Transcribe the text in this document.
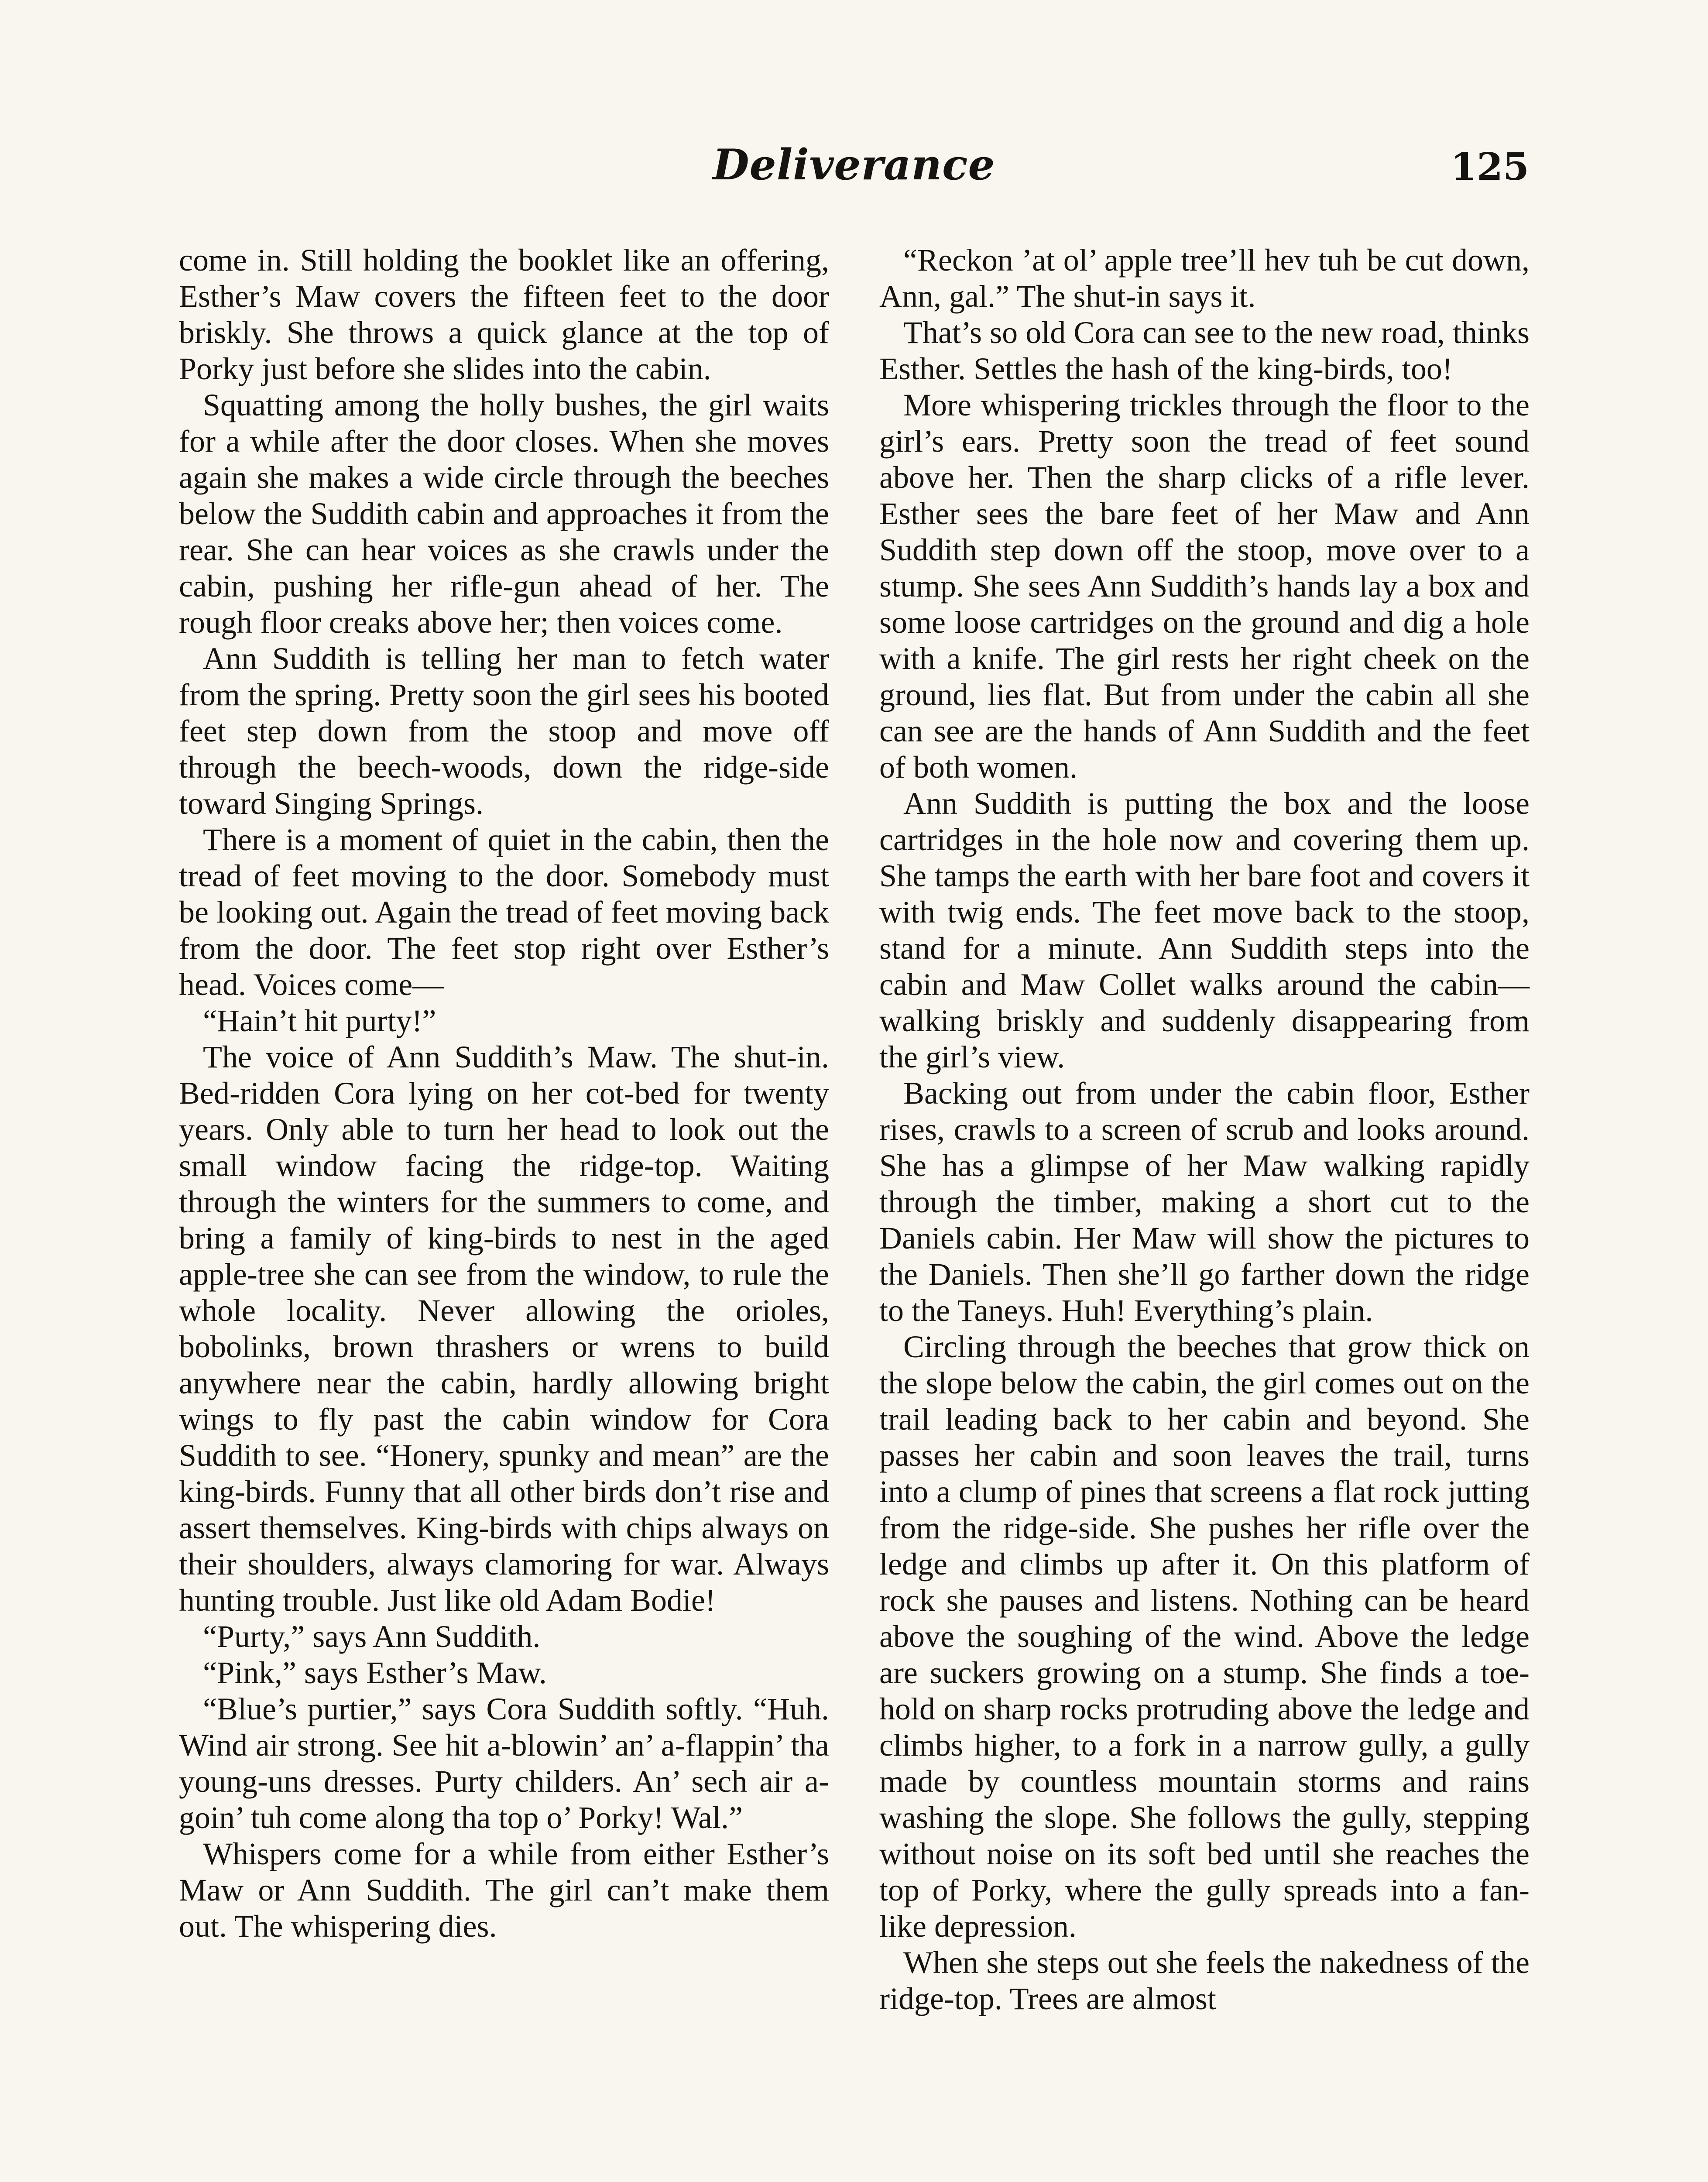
Deliverance	125

come in. Still holding the booklet like an offering, Esther’s Maw covers the fifteen feet to the door briskly. She throws a quick glance at the top of Porky just before she slides into the cabin.

Squatting among the holly bushes, the girl waits for a while after the door closes. When she moves again she makes a wide circle through the beeches below the Suddith cabin and approaches it from the rear. She can hear voices as she crawls under the cabin, pushing her rifle-gun ahead of her. The rough floor creaks above her; then voices come.

Ann Suddith is telling her man to fetch water from the spring. Pretty soon the girl sees his booted feet step down from the stoop and move off through the beech-woods, down the ridge-side toward Singing Springs.

There is a moment of quiet in the cabin, then the tread of feet moving to the door. Somebody must be looking out. Again the tread of feet moving back from the door. The feet stop right over Esther’s head. Voices come—

“Hain’t hit purty!”

The voice of Ann Suddith’s Maw. The shut-in. Bed-ridden Cora lying on her cot-bed for twenty years. Only able to turn her head to look out the small window facing the ridge-top. Waiting through the winters for the summers to come, and bring a family of king-birds to nest in the aged apple-tree she can see from the window, to rule the whole locality. Never allowing the orioles, bobolinks, brown thrashers or wrens to build anywhere near the cabin, hardly allowing bright wings to fly past the cabin window for Cora Suddith to see. “Honery, spunky and mean” are the king-birds. Funny that all other birds don’t rise and assert themselves. King-birds with chips always on their shoulders, always clamoring for war. Always hunting trouble. Just like old Adam Bodie!

“Purty,” says Ann Suddith.

“Pink,” says Esther’s Maw.

“Blue’s purtier,” says Cora Suddith softly. “Huh. Wind air strong. See hit a-blowin’ an’ a-flappin’ tha young-uns dresses. Purty childers. An’ sech air a-goin’ tuh come along tha top o’ Porky! Wal.”

Whispers come for a while from either Esther’s Maw or Ann Suddith. The girl can’t make them out. The whispering dies.

“Reckon ’at ol’ apple tree’ll hev tuh be cut down, Ann, gal.” The shut-in says it.

That’s so old Cora can see to the new road, thinks Esther. Settles the hash of the king-birds, too!

More whispering trickles through the floor to the girl’s ears. Pretty soon the tread of feet sound above her. Then the sharp clicks of a rifle lever. Esther sees the bare feet of her Maw and Ann Suddith step down off the stoop, move over to a stump. She sees Ann Suddith’s hands lay a box and some loose cartridges on the ground and dig a hole with a knife. The girl rests her right cheek on the ground, lies flat. But from under the cabin all she can see are the hands of Ann Suddith and the feet of both women.

Ann Suddith is putting the box and the loose cartridges in the hole now and covering them up. She tamps the earth with her bare foot and covers it with twig ends. The feet move back to the stoop, stand for a minute. Ann Suddith steps into the cabin and Maw Collet walks around the cabin—walking briskly and suddenly disappearing from the girl’s view.

Backing out from under the cabin floor, Esther rises, crawls to a screen of scrub and looks around. She has a glimpse of her Maw walking rapidly through the timber, making a short cut to the Daniels cabin. Her Maw will show the pictures to the Daniels. Then she’ll go farther down the ridge to the Taneys. Huh! Everything’s plain.

Circling through the beeches that grow thick on the slope below the cabin, the girl comes out on the trail leading back to her cabin and beyond. She passes her cabin and soon leaves the trail, turns into a clump of pines that screens a flat rock jutting from the ridge-side. She pushes her rifle over the ledge and climbs up after it. On this platform of rock she pauses and listens. Nothing can be heard above the soughing of the wind. Above the ledge are suckers growing on a stump. She finds a toe-hold on sharp rocks protruding above the ledge and climbs higher, to a fork in a narrow gully, a gully made by countless mountain storms and rains washing the slope. She follows the gully, stepping without noise on its soft bed until she reaches the top of Porky, where the gully spreads into a fan-like depression.

When she steps out she feels the nakedness of the ridge-top. Trees are almost
